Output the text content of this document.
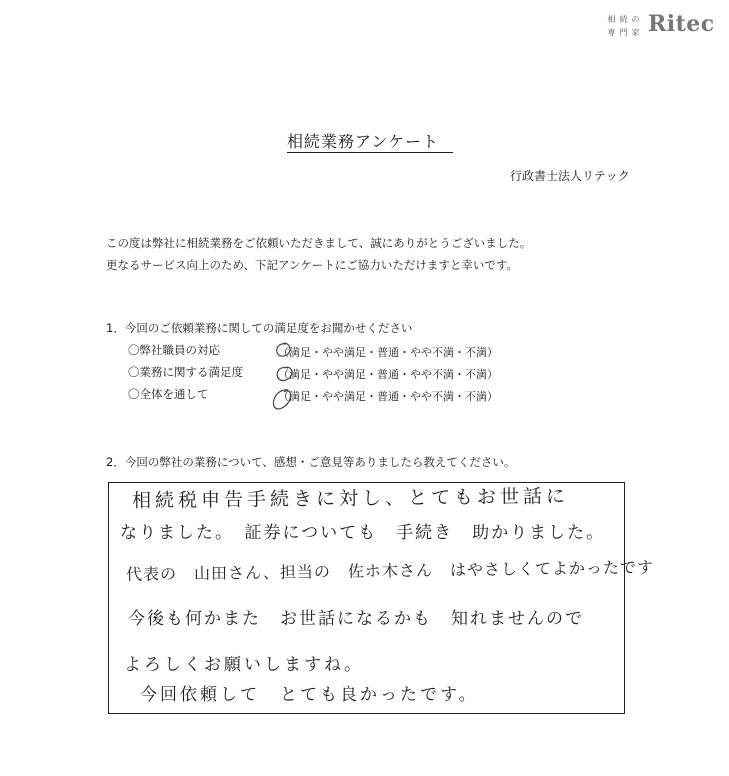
相 続 の
専 門 家 Ritec
相続業務アンケート
行政書士法人リテック
この度は弊社に相続業務をご依頼いただきまして、誠にありがとうございました。
更なるサービス向上のため、下記アンケートにご協力いただけますと幸いです。
1．今回のご依頼業務に関しての満足度をお聞かせください
〇弊社職員の対応	（満足・やや満足・普通・やや不満・不満）
〇業務に関する満足度	（満足・やや満足・普通・やや不満・不満）
〇全体を通して	（満足・やや満足・普通・やや不満・不満）
2．今回の弊社の業務について、感想・ご意見等ありましたら教えてください。
相続税申告手続きに対し、とてもお世話に
なりました。　証券についても　手続き　助かりました。
代表の　山田さん、担当の　佐ホ木さん　はやさしくてよかったです
今後も何かまた　お世話になるかも　知れませんので
よろしくお願いしますね。
今回依頼して　とても良かったです。
